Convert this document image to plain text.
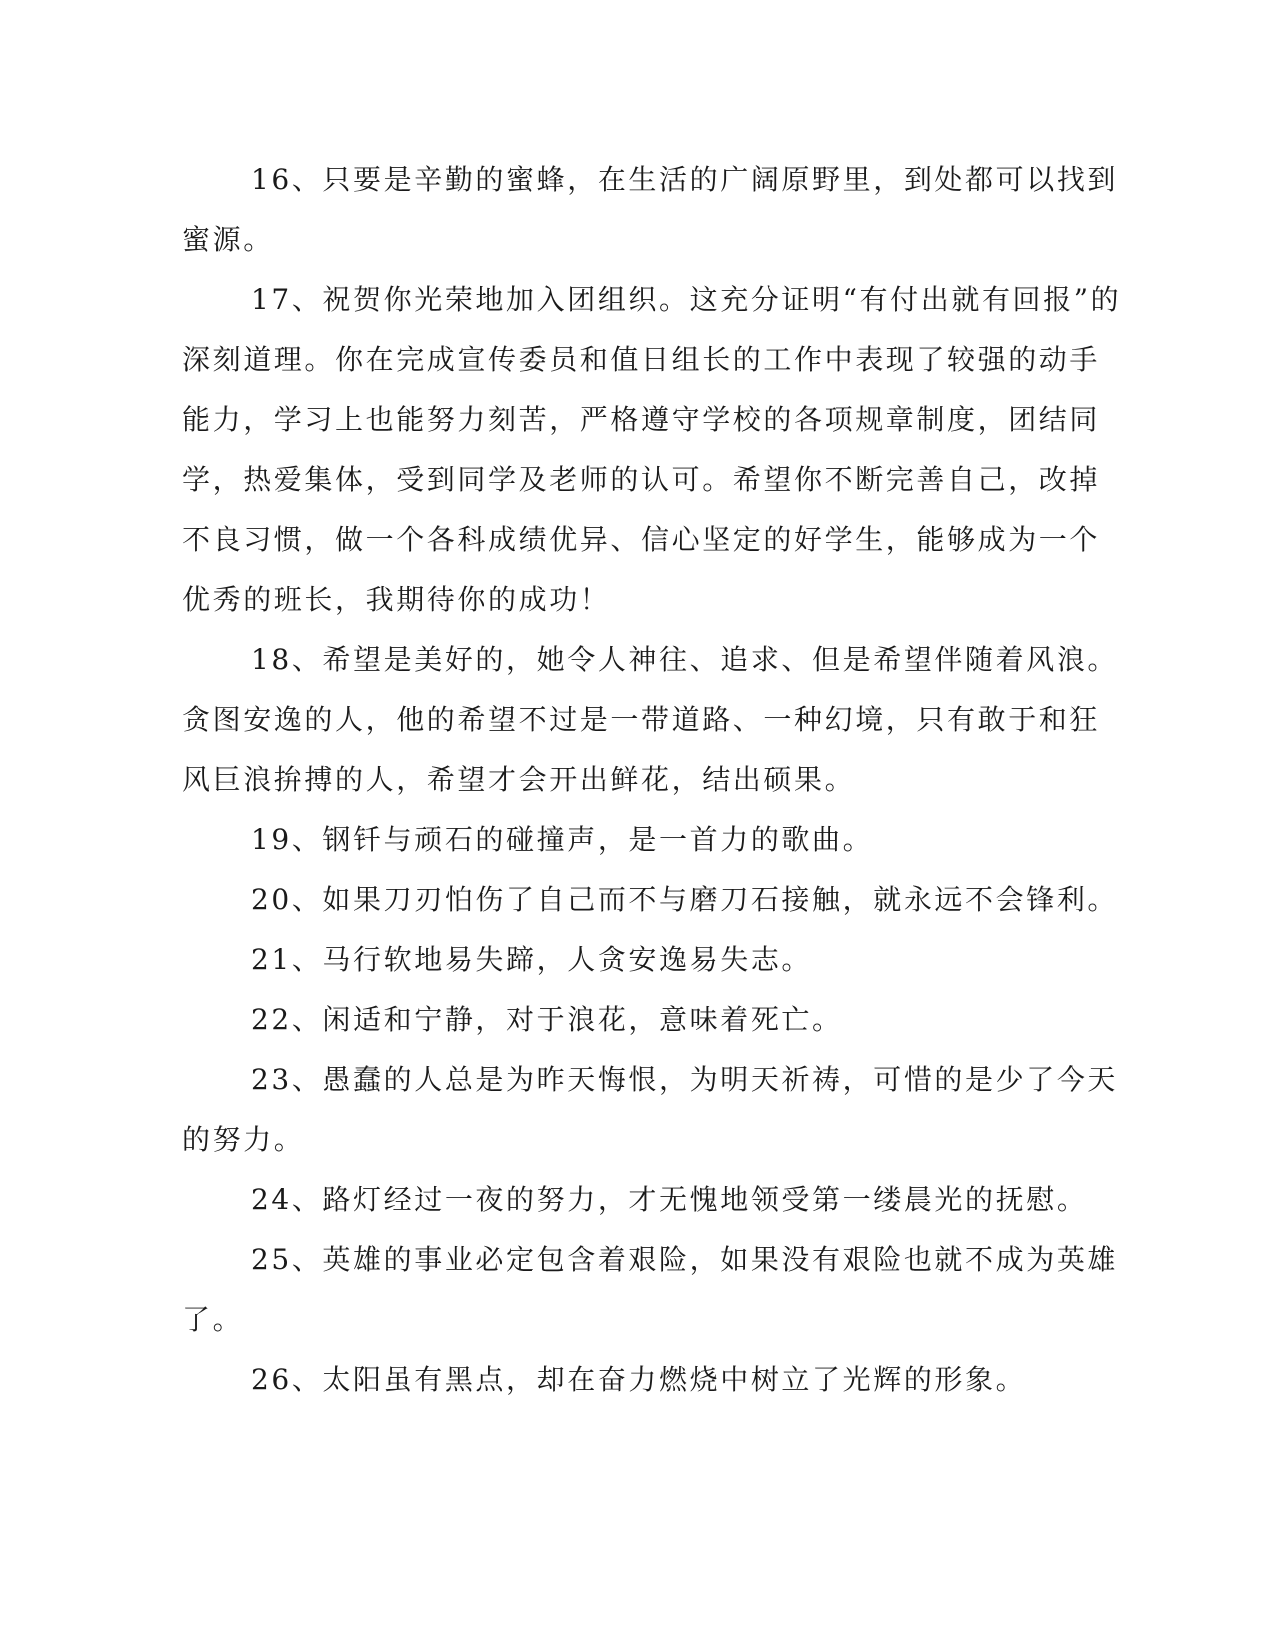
16、只要是辛勤的蜜蜂，在生活的广阔原野里，到处都可以找到
蜜源。

17、祝贺你光荣地加入团组织。这充分证明“有付出就有回报”的
深刻道理。你在完成宣传委员和值日组长的工作中表现了较强的动手
能力，学习上也能努力刻苦，严格遵守学校的各项规章制度，团结同
学，热爱集体，受到同学及老师的认可。希望你不断完善自己，改掉
不良习惯，做一个各科成绩优异、信心坚定的好学生，能够成为一个
优秀的班长，我期待你的成功！

18、希望是美好的，她令人神往、追求、但是希望伴随着风浪。
贪图安逸的人，他的希望不过是一带道路、一种幻境，只有敢于和狂
风巨浪拚搏的人，希望才会开出鲜花，结出硕果。

19、钢钎与顽石的碰撞声，是一首力的歌曲。

20、如果刀刃怕伤了自己而不与磨刀石接触，就永远不会锋利。

21、马行软地易失蹄，人贪安逸易失志。

22、闲适和宁静，对于浪花，意味着死亡。

23、愚蠢的人总是为昨天悔恨，为明天祈祷，可惜的是少了今天
的努力。

24、路灯经过一夜的努力，才无愧地领受第一缕晨光的抚慰。

25、英雄的事业必定包含着艰险，如果没有艰险也就不成为英雄
了。

26、太阳虽有黑点，却在奋力燃烧中树立了光辉的形象。
